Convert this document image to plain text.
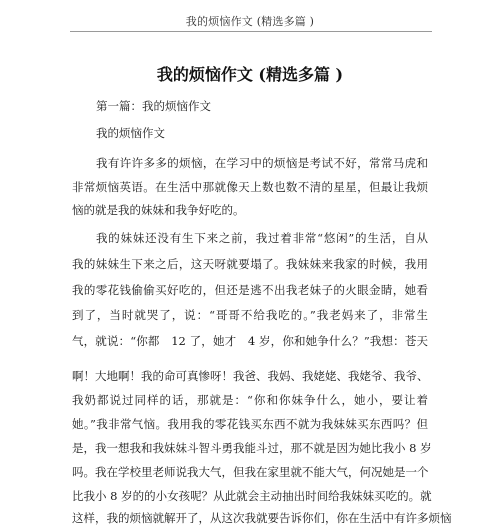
我的烦恼作文 (精选多篇 )
我的烦恼作文 (精选多篇 )
第一篇：我的烦恼作文
我的烦恼作文
我有许许多多的烦恼，在学习中的烦恼是考试不好，常常马虎和
非常烦恼英语。在生活中那就像天上数也数不清的星星，但最让我烦
恼的就是我的妹妹和我争好吃的。
我的妹妹还没有生下来之前，我过着非常“悠闲”的生活，自从
我的妹妹生下来之后，这天呀就要塌了。我妹妹来我家的时候，我用
我的零花钱偷偷买好吃的，但还是逃不出我老妹子的火眼金睛，她看
到了，当时就哭了，说：“哥哥不给我吃的。”我老妈来了，非常生
气，就说：“你都　12 了，她才　4 岁，你和她争什么？”我想：苍天
啊！大地啊！我的命可真惨呀！我爸、我妈、我姥姥、我姥爷、我爷、
我奶都说过同样的话，那就是：“你和你妹争什么，她小，要让着
她。”我非常气恼。我用我的零花钱买东西不就为我妹妹买东西吗？但
是，我一想我和我妹妹斗智斗勇我能斗过，那不就是因为她比我小 8 岁
吗。我在学校里老师说我大气，但我在家里就不能大气，何况她是一个
比我小 8 岁的的小女孩呢？从此就会主动抽出时间给我妹妹买吃的。就
这样，我的烦恼就解开了，从这次我就要告诉你们，你在生活中有许多烦恼
